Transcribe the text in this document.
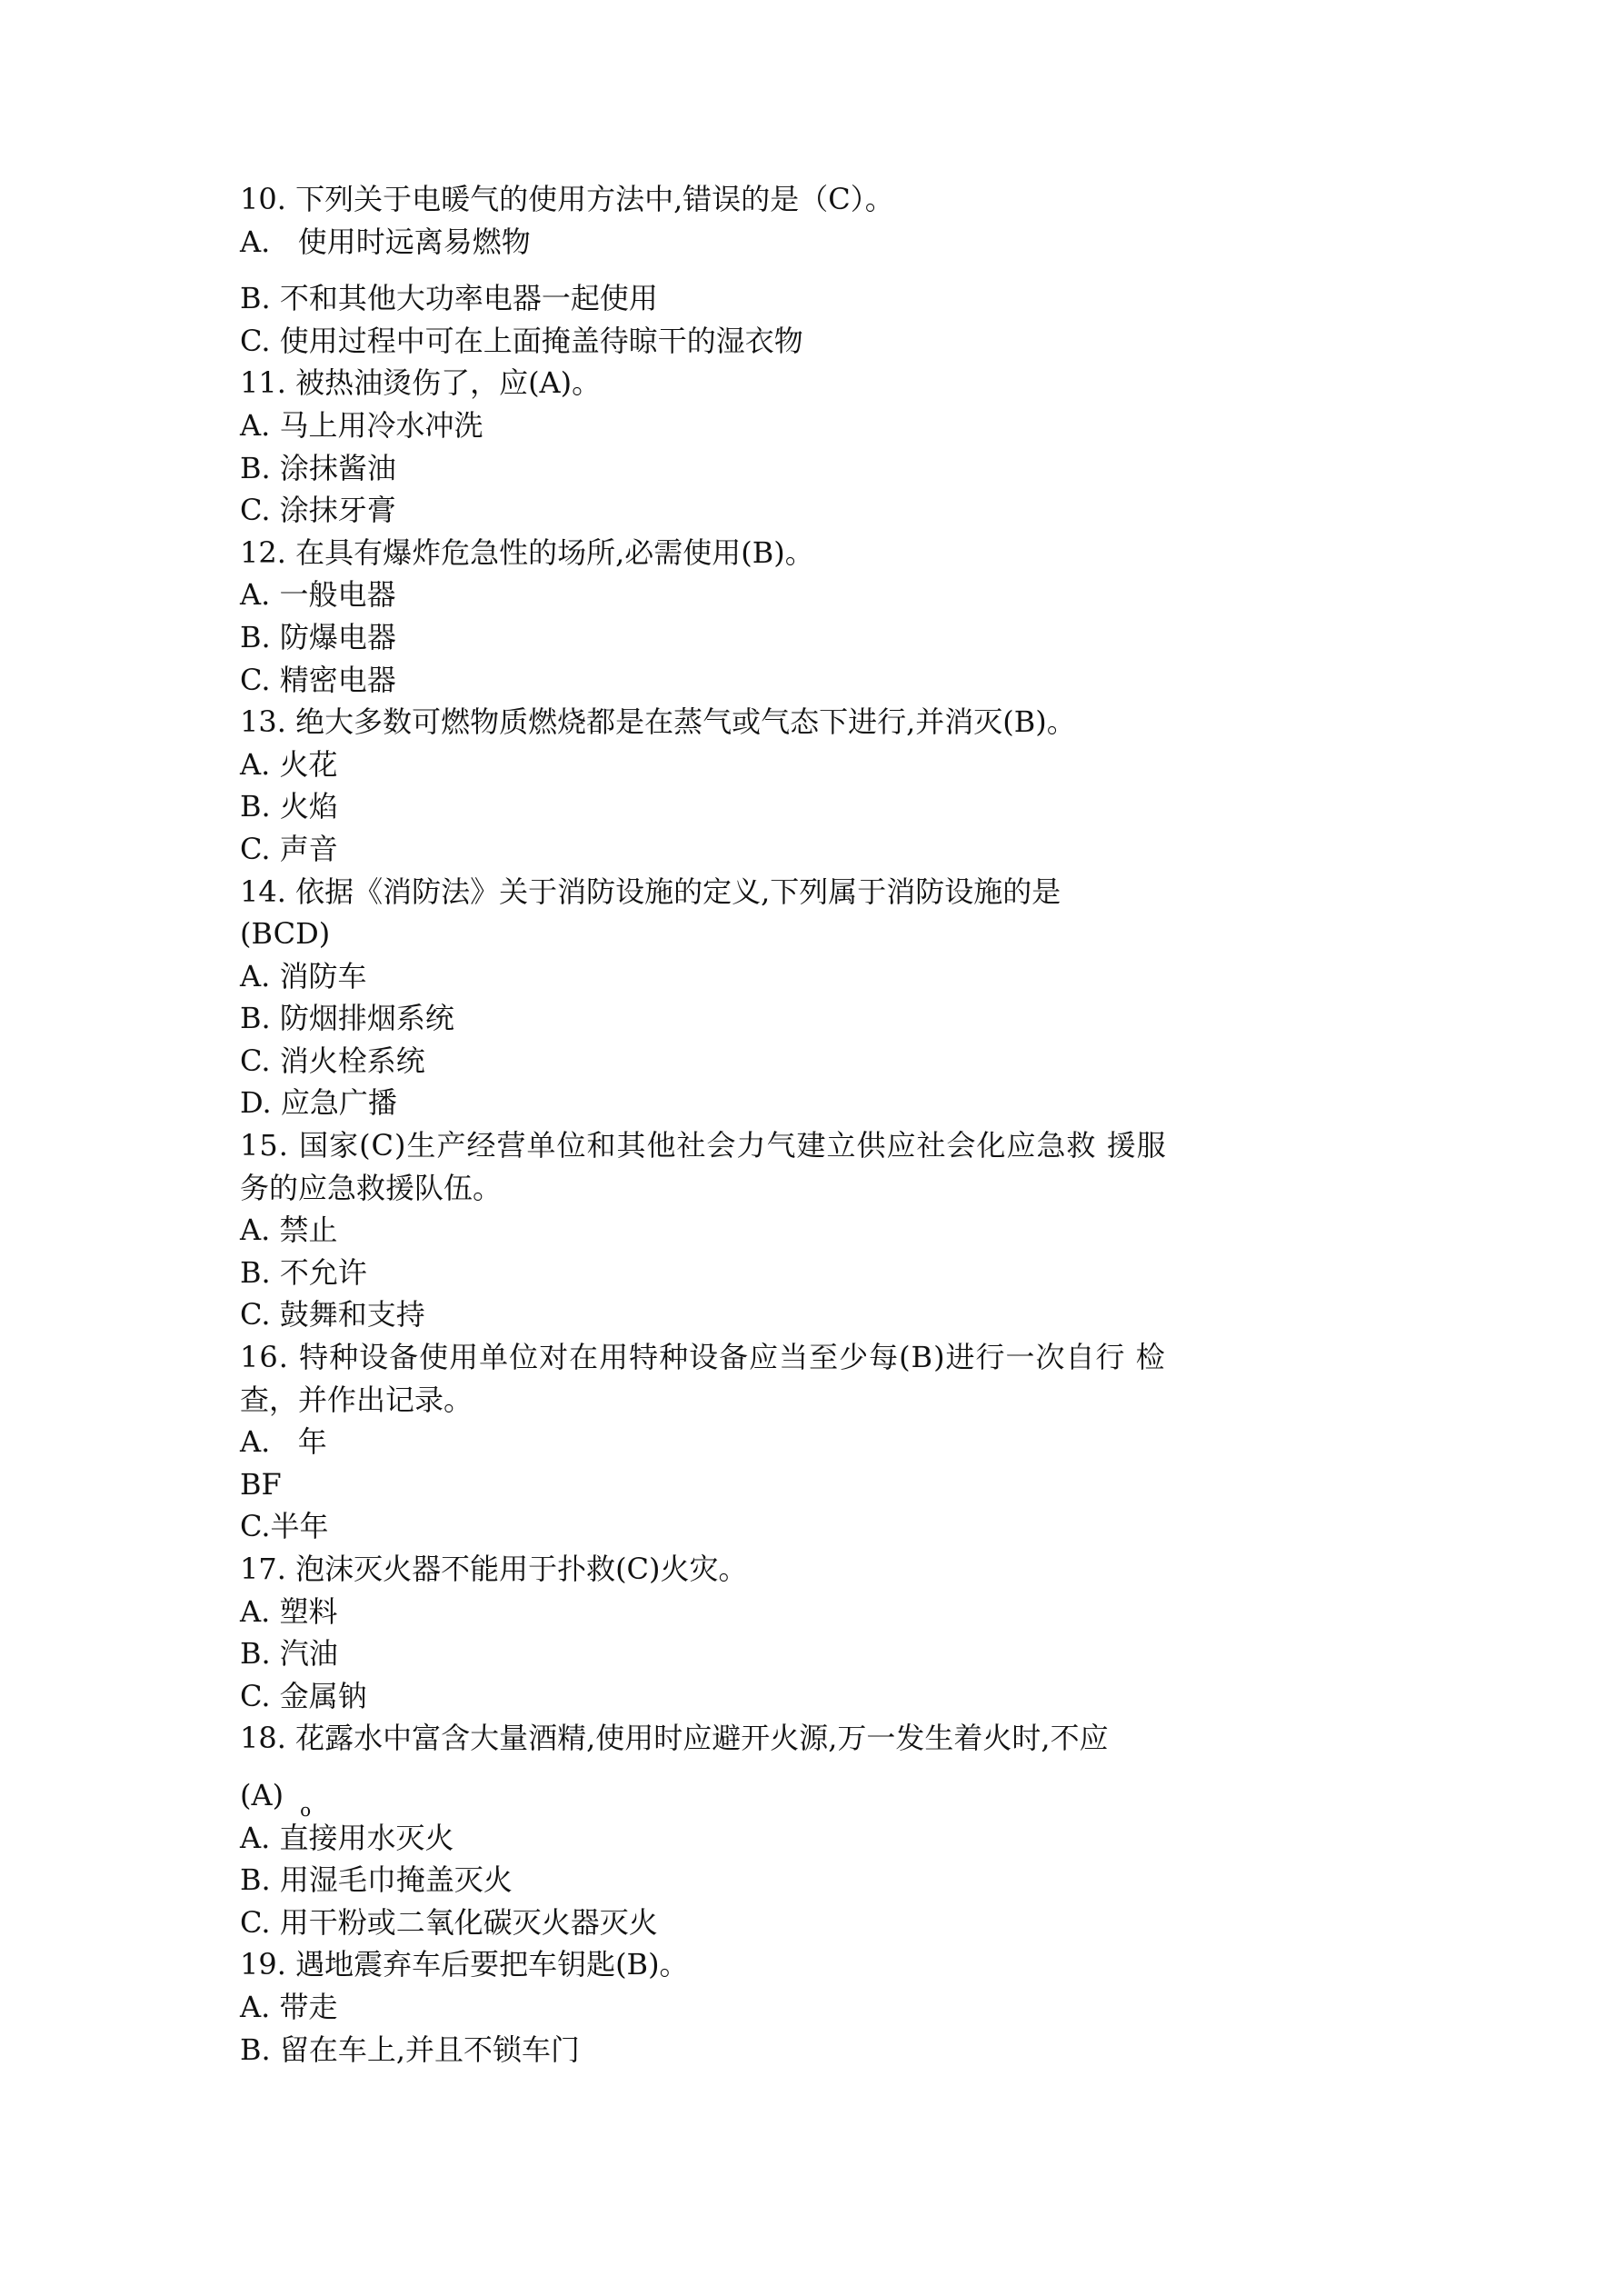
10. 下列关于电暖气的使用方法中,错误的是（C）。
A.   使用时远离易燃物
B. 不和其他大功率电器一起使用
C. 使用过程中可在上面掩盖待晾干的湿衣物
11. 被热油烫伤了，应(A)。
A. 马上用冷水冲洗
B. 涂抹酱油
C. 涂抹牙膏
12. 在具有爆炸危急性的场所,必需使用(B)。
A. 一般电器
B. 防爆电器
C. 精密电器
13. 绝大多数可燃物质燃烧都是在蒸气或气态下进行,并消灭(B)。
A. 火花
B. 火焰
C. 声音
14. 依据《消防法》关于消防设施的定义,下列属于消防设施的是
(BCD)
A. 消防车
B. 防烟排烟系统
C. 消火栓系统
D. 应急广播
15. 国家(C)生产经营单位和其他社会力气建立供应社会化应急救 援服
务的应急救援队伍。
A. 禁止
B. 不允许
C. 鼓舞和支持
16. 特种设备使用单位对在用特种设备应当至少每(B)进行一次自行 检
查，并作出记录。
A.   年
BF
C.半年
17. 泡沫灭火器不能用于扑救(C)火灾。
A. 塑料
B. 汽油
C. 金属钠
18. 花露水中富含大量酒精,使用时应避开火源,万一发生着火时,不应
(A) $_o$
A. 直接用水灭火
B. 用湿毛巾掩盖灭火
C. 用干粉或二氧化碳灭火器灭火
19. 遇地震弃车后要把车钥匙(B)。
A. 带走
B. 留在车上,并且不锁车门
